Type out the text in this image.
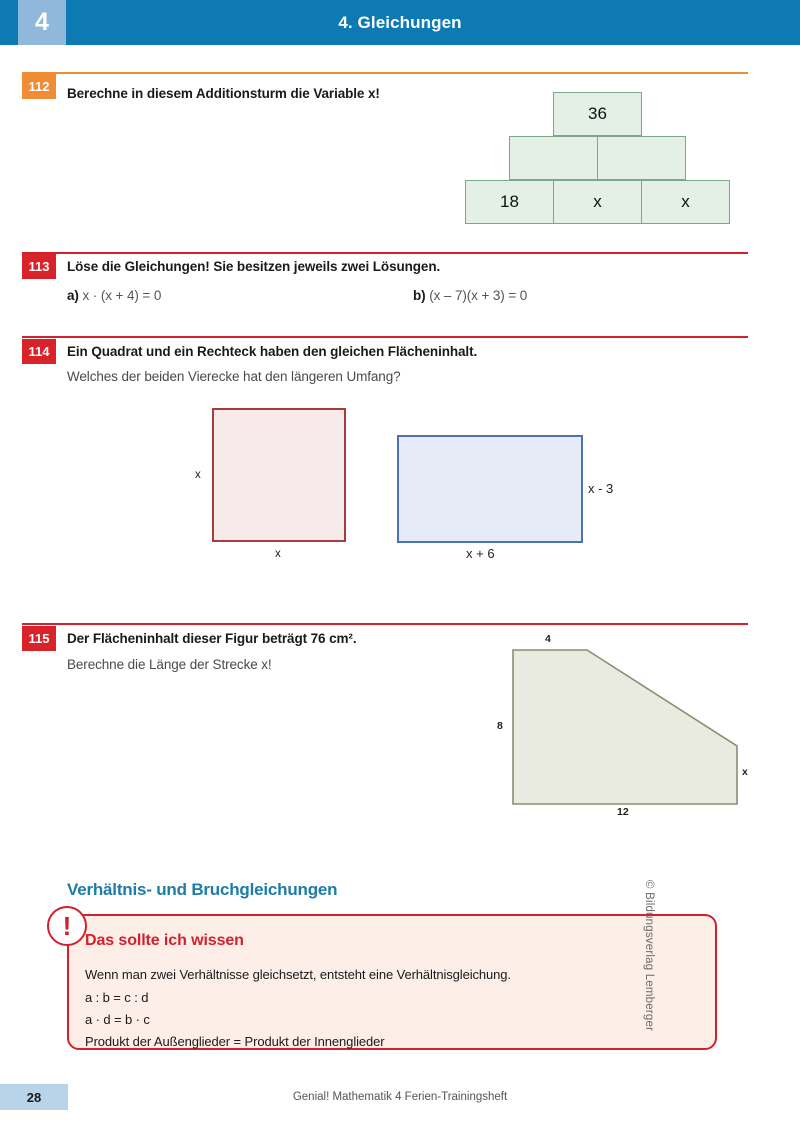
4. Gleichungen
4
112	Berechne in diesem Additionsturm die Variable x!
36
18	x	x
113	Löse die Gleichungen! Sie besitzen jeweils zwei Lösungen.
a) x · (x + 4) = 0	b) (x – 7)(x + 3) = 0
114	Ein Quadrat und ein Rechteck haben den gleichen Flächeninhalt.
Welches der beiden Vierecke hat den längeren Umfang?
x
x
x - 3
x + 6
115	Der Flächeninhalt dieser Figur beträgt 76 cm².
Berechne die Länge der Strecke x!
4
8
12
x
Verhältnis- und Bruchgleichungen
! Das sollte ich wissen
Wenn man zwei Verhältnisse gleichsetzt, entsteht eine Verhältnisgleichung.
a : b = c : d
a · d = b · c
Produkt der Außenglieder = Produkt der Innenglieder
© Bildungsverlag Lemberger
Genial! Mathematik 4 Ferien-Trainingsheft
28
